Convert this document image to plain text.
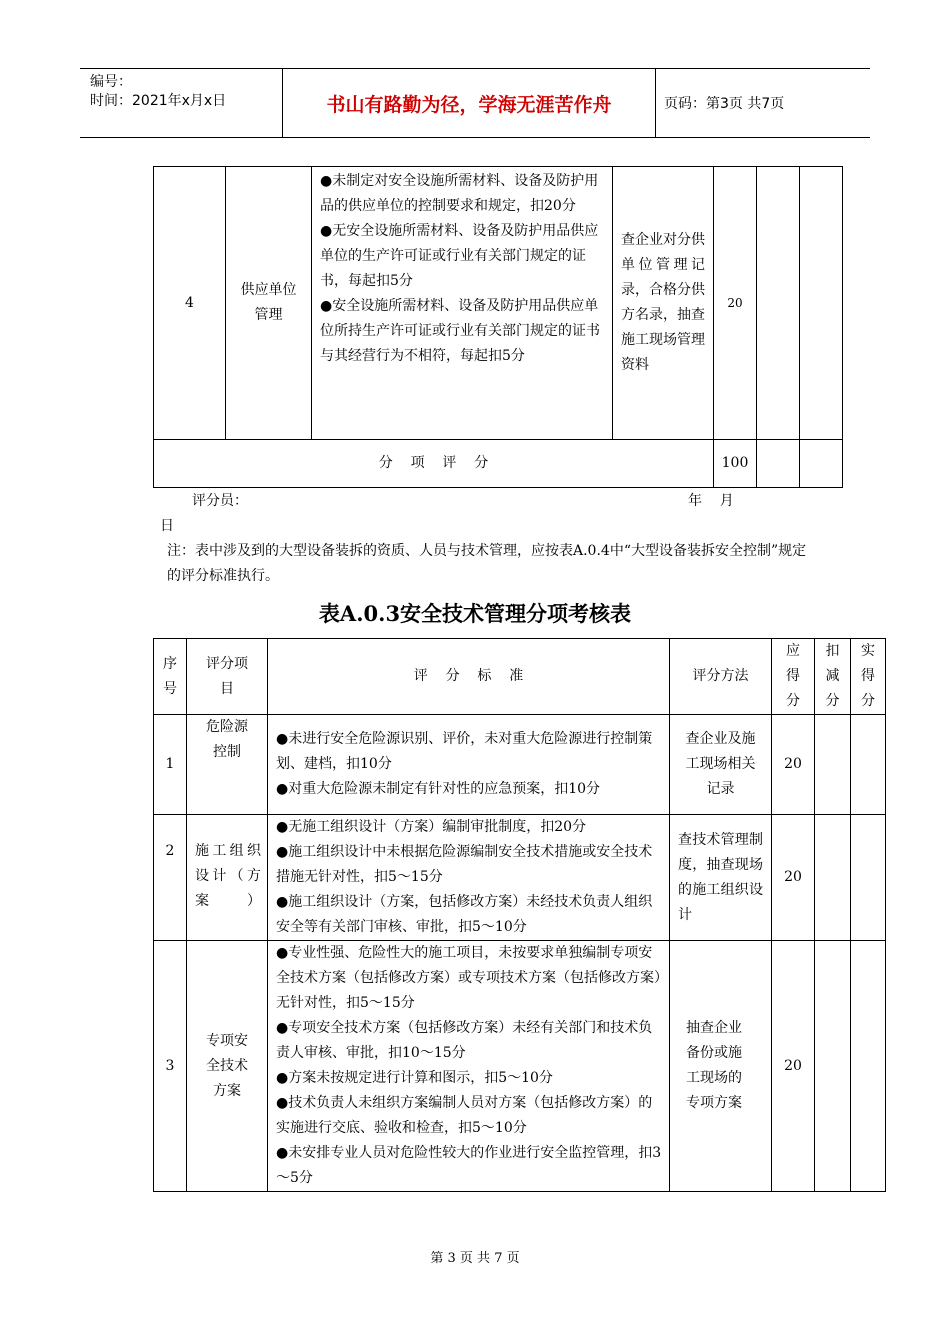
编号：
时间：2021年x月x日	书山有路勤为径，学海无涯苦作舟	页码：第3页 共7页
4	供应单位管理	●未制定对安全设施所需材料、设备及防护用品的供应单位的控制要求和规定，扣20分
●无安全设施所需材料、设备及防护用品供应单位的生产许可证或行业有关部门规定的证书，每起扣5分
●安全设施所需材料、设备及防护用品供应单位所持生产许可证或行业有关部门规定的证书与其经营行为不相符，每起扣5分	查企业对分供单位管理记录，合格分供方名录，抽查施工现场管理资料	20		
分    项    评    分				100		
评分员：	年    月
日
注：表中涉及到的大型设备装拆的资质、人员与技术管理，应按表A.0.4中“大型设备装拆安全控制”规定的评分标准执行。
表A.0.3安全技术管理分项考核表
序号	评分项目	评    分    标    准	评分方法	应得分	扣减分	实得分
1	危险源控制	●未进行安全危险源识别、评价，未对重大危险源进行控制策划、建档，扣10分
●对重大危险源未制定有针对性的应急预案，扣10分	查企业及施工现场相关记录	20		

2	施工组织设计（方案）	●无施工组织设计（方案）编制审批制度，扣20分
●施工组织设计中未根据危险源编制安全技术措施或安全技术措施无针对性，扣5～15分
●施工组织设计（方案，包括修改方案）未经技术负责人组织安全等有关部门审核、审批，扣5～10分	查技术管理制度，抽查现场的施工组织设计	20		
3	专项安全技术方案	●专业性强、危险性大的施工项目，未按要求单独编制专项安全技术方案（包括修改方案）或专项技术方案（包括修改方案）无针对性，扣5～15分
●专项安全技术方案（包括修改方案）未经有关部门和技术负责人审核、审批，扣10～15分
●方案未按规定进行计算和图示，扣5～10分
●技术负责人未组织方案编制人员对方案（包括修改方案）的实施进行交底、验收和检查，扣5～10分
●未安排专业人员对危险性较大的作业进行安全监控管理，扣3～5分	抽查企业备份或施工现场的专项方案	20		
第 3 页 共 7 页
